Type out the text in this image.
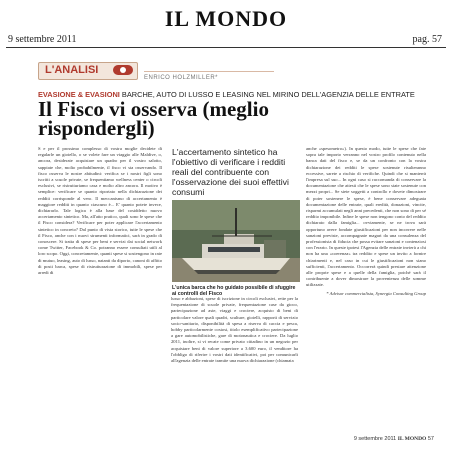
IL MONDO
9 settembre 2011	pag. 57
L'ANALISI
ENRICO HOLZMILLER*
EVASIONE & EVASIONI BARCHE, AUTO DI LUSSO E LEASING NEL MIRINO DELL'AGENZIA DELLE ENTRATE
Il Fisco vi osserva (meglio rispondergli)
S e per il prossimo complesso di vostra moglie decidete di regalarle un gioiello, o se volete fare un viaggio alle Maldive, o, ancora, desiderate acquistare un quadro per il vostro salotto, sappiate che, molto probabilmente, il fisco vi sta osservando. Il fisco osserva le nostre abitudini: verifica se i nostri figli sono iscritti a scuole private, se frequentiamo wellness center o circoli esclusivi, se ristrutturiamo casa e molto altro ancora. Il motivo è semplice: verificare se quanto riportato nella dichiarazione dei redditi corrisponde al vero. Il meccanismo di accertamento è maggiore redditi in quanto ciascuno è... E' quanto potete invece, dichiararlo. Tale logica è alla base del cosiddetto nuovo accertamento sintetico. Ma, all'atto pratico, quali sono le spese che il Fisco considera? Verificare per poter applicare l'accertamento sintetico in concreto? Dal punto di vista storico, tutte le spese che il Fisco, anche con i nuovi strumenti informatici, sarà in grado di conoscere. Si tratta di spese per beni e servizi dai social network come Twitter, Facebook & Co. potranno essere consultati utili al loro scopo. Oggi, concretamente, quanti spese si sostengono in rate di mutuo, leasing, auto di lusso, natanti da diporto, canoni di affitto di posti barca, spese di ristrutturazione di immobili, spese per arredi di
L'accertamento sintetico ha l'obiettivo di verificare i redditi reali del contribuente con l'osservazione dei suoi effettivi consumi
L'unica barca che ho guidato possibile di sfuggire ai controlli del Fisco
lusso e abbazioni, spese di iscrizione in circoli esclusivi, rette per la frequentazione di scuole private, frequentazione case da gioco, partecipazione ad aste, viaggi e crociere, acquisto di beni di particolare valore quali quadri, sculture, gioielli, rapporti di servizio socio-sanitario, disponibilità di spesa a riserva di caccia e pesca, hobby particolarmente costosi, titolo esemplificativo partecipazione a gare automobilistiche, gare di motonautica e crociere. Da luglio 2011, inoltre, si vi recate come privato cittadino in un negozio per acquistare beni di valore superiore a 3.600 euro, il venditore ha l'obbligo di riferire i vostri dati identificativi, poi per comunicarli all'agenzia delle entrate tramite una nuova dichiarazione (chiamata
anche «spesometro»). In questo modo, tutte le spese che fate sopra tale importo verranno nel vostro profilo contenuto nella banca dati del fisco e, se da un confronto con la vostra dichiarazione dei redditi le spese sostenute risulteranno eccessive, sarete a rischio di verifiche. Quindi che si manterrà l'impresa sul suo... In ogni caso si raccomanda di conservare la documentazione che attesti che le spese sono state sostenute con mezzi propri... Se siete soggetti a controllo e dovete dimostrare di poter sostenere le spese, è bene conservare adeguata documentazione delle entrate, quali eredità, donazioni, vincite, risparmi accumulati negli anni precedenti, che non sono di per sé reddito imponibile. Infine le spese non tengono conto del reddito dichiarato dalla famiglia... ovviamente, se ne trova sarà opportuno avere fondate giustificazioni per non incorrere nelle sanzioni previste, accompagnate magari da una consulenza del professionista di fiducia che possa evitare sanzioni e contenziosi con l'erario. In queste ipotesi l'Agenzia delle entrate invierà a chi non ha una «coerenza» tra reddito e spese un invito a fornire chiarimenti e, nel caso in cui le giustificazioni non siano sufficienti, l'accertamento. Occorrerà quindi prestare attenzione alle proprie spese e a quelle della famiglia, poiché sarà il contribuente a dover dimostrare la provenienza delle somme utilizzate.
* Advisor commercialista, Synergia Consulting Group
9 settembre 2011 IL MONDO 57
